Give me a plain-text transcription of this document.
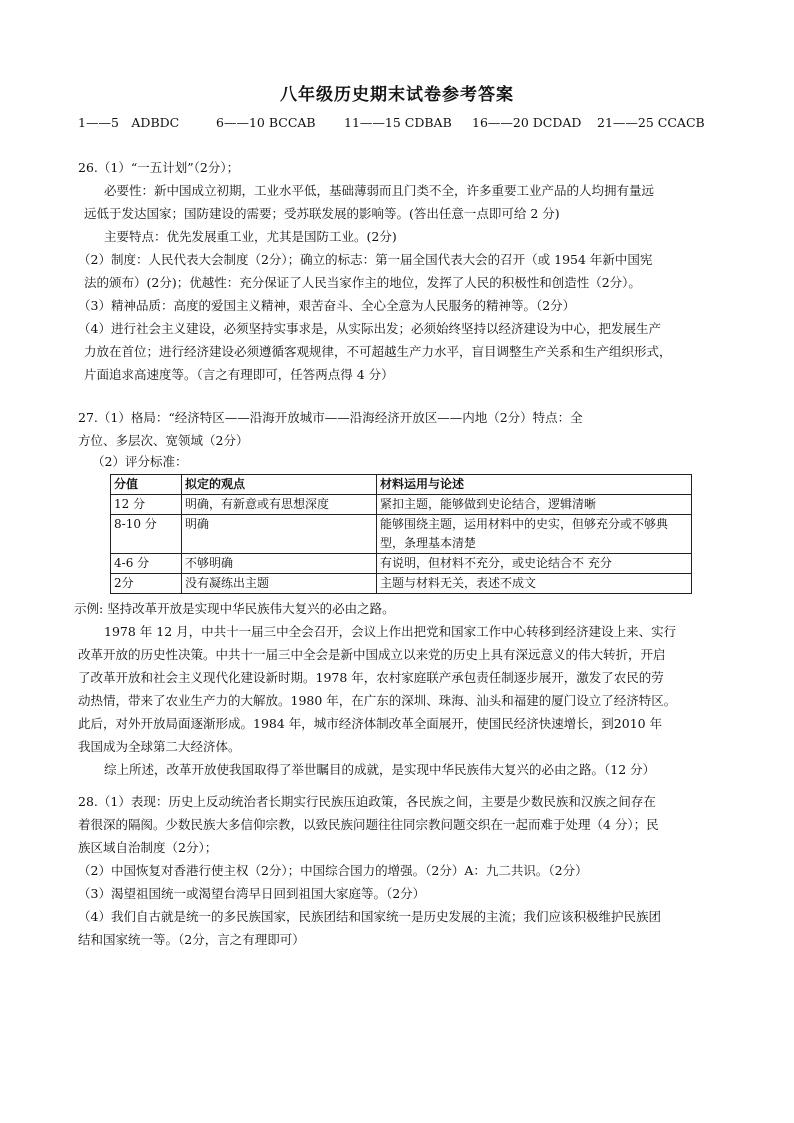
八年级历史期末试卷参考答案
1——5　ADBDC	6——10 BCCAB 11——15 CDBAB 16——20 DCDAD 21——25 CCACB
26.（1）“一五计划”（2分）；
必要性：新中国成立初期，工业水平低，基础薄弱而且门类不全，许多重要工业产品的人均拥有量远
远低于发达国家；国防建设的需要；受苏联发展的影响等。(答出任意一点即可给 2 分)
主要特点：优先发展重工业，尤其是国防工业。(2分)
（2）制度：人民代表大会制度（2分）；确立的标志：第一届全国代表大会的召开（或 1954 年新中国宪
法的颁布）(2分)；优越性：充分保证了人民当家作主的地位，发挥了人民的积极性和创造性（2分）。
（3）精神品质：高度的爱国主义精神，艰苦奋斗、全心全意为人民服务的精神等。（2分）
（4）进行社会主义建设，必须坚持实事求是，从实际出发；必须始终坚持以经济建设为中心，把发展生产
力放在首位；进行经济建设必须遵循客观规律，不可超越生产力水平，盲目调整生产关系和生产组织形式，
片面追求高速度等。（言之有理即可，任答两点得 4 分）
27.（1）格局：“经济特区——沿海开放城市——沿海经济开放区——内地（2分）特点：全
方位、多层次、宽领域（2分）
（2）评分标准：
分值	拟定的观点	材料运用与论述
12 分	明确，有新意或有思想深度	紧扣主题，能够做到史论结合，逻辑清晰
8-10 分	明确	能够围绕主题，运用材料中的史实，但够充分或不够典型，条理基本清楚
4-6 分	不够明确	有说明，但材料不充分，或史论结合不 充分
2分	没有凝练出主题	主题与材料无关，表述不成文
示例: 坚持改革开放是实现中华民族伟大复兴的必由之路。
1978 年 12 月，中共十一届三中全会召开，会议上作出把党和国家工作中心转移到经济建设上来、实行
改革开放的历史性决策。中共十一届三中全会是新中国成立以来党的历史上具有深远意义的伟大转折，开启
了改革开放和社会主义现代化建设新时期。1978 年，农村家庭联产承包责任制逐步展开，激发了农民的劳
动热情，带来了农业生产力的大解放。1980 年，在广东的深圳、珠海、汕头和福建的厦门设立了经济特区。
此后，对外开放局面逐渐形成。1984 年，城市经济体制改革全面展开，使国民经济快速增长，到2010 年
我国成为全球第二大经济体。
综上所述，改革开放使我国取得了举世瞩目的成就，是实现中华民族伟大复兴的必由之路。（12 分）
28.（1）表现：历史上反动统治者长期实行民族压迫政策，各民族之间，主要是少数民族和汉族之间存在
着很深的隔阂。少数民族大多信仰宗教，以致民族问题往往同宗教问题交织在一起而难于处理（4 分）；民
族区域自治制度（2分）；
（2）中国恢复对香港行使主权（2分）；中国综合国力的增强。（2分）A：九二共识。（2分）
（3）渴望祖国统一或渴望台湾早日回到祖国大家庭等。（2分）
（4）我们自古就是统一的多民族国家，民族团结和国家统一是历史发展的主流；我们应该积极维护民族团
结和国家统一等。（2分，言之有理即可）
